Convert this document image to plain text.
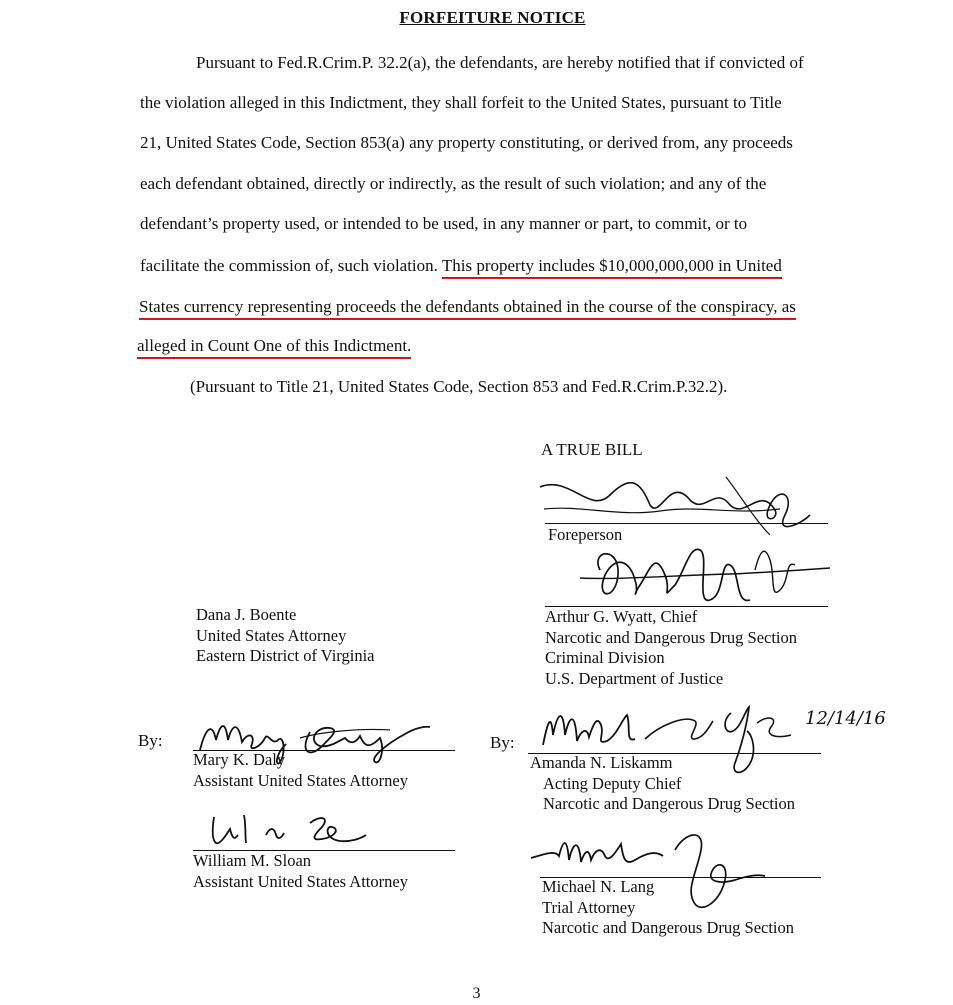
FORFEITURE NOTICE
Pursuant to Fed.R.Crim.P. 32.2(a), the defendants, are hereby notified that if convicted of
the violation alleged in this Indictment, they shall forfeit to the United States, pursuant to Title
21, United States Code, Section 853(a) any property constituting, or derived from, any proceeds
each defendant obtained, directly or indirectly, as the result of such violation; and any of the
defendant’s property used, or intended to be used, in any manner or part, to commit, or to
facilitate the commission of, such violation. This property includes $10,000,000,000 in United
States currency representing proceeds the defendants obtained in the course of the conspiracy, as
alleged in Count One of this Indictment.
(Pursuant to Title 21, United States Code, Section 853 and Fed.R.Crim.P.32.2).
A TRUE BILL
Foreperson
Arthur G. Wyatt, Chief
Narcotic and Dangerous Drug Section
Criminal Division
U.S. Department of Justice
Dana J. Boente
United States Attorney
Eastern District of Virginia
By:
Mary K. Daly
Assistant United States Attorney
William M. Sloan
Assistant United States Attorney
By:
12/14/16
Amanda N. Liskamm
Acting Deputy Chief
Narcotic and Dangerous Drug Section
Michael N. Lang
Trial Attorney
Narcotic and Dangerous Drug Section
3
